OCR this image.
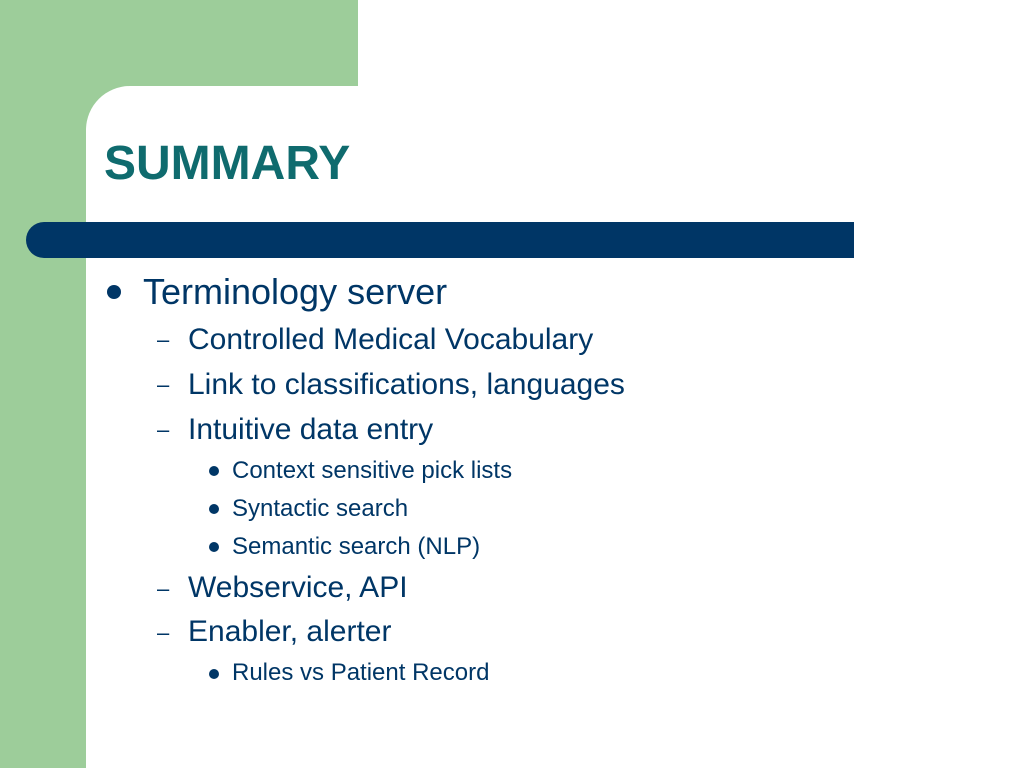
SUMMARY
Terminology server
– Controlled Medical Vocabulary
– Link to classifications, languages
– Intuitive data entry
Context sensitive pick lists
Syntactic search
Semantic search (NLP)
– Webservice, API
– Enabler, alerter
Rules vs Patient Record
